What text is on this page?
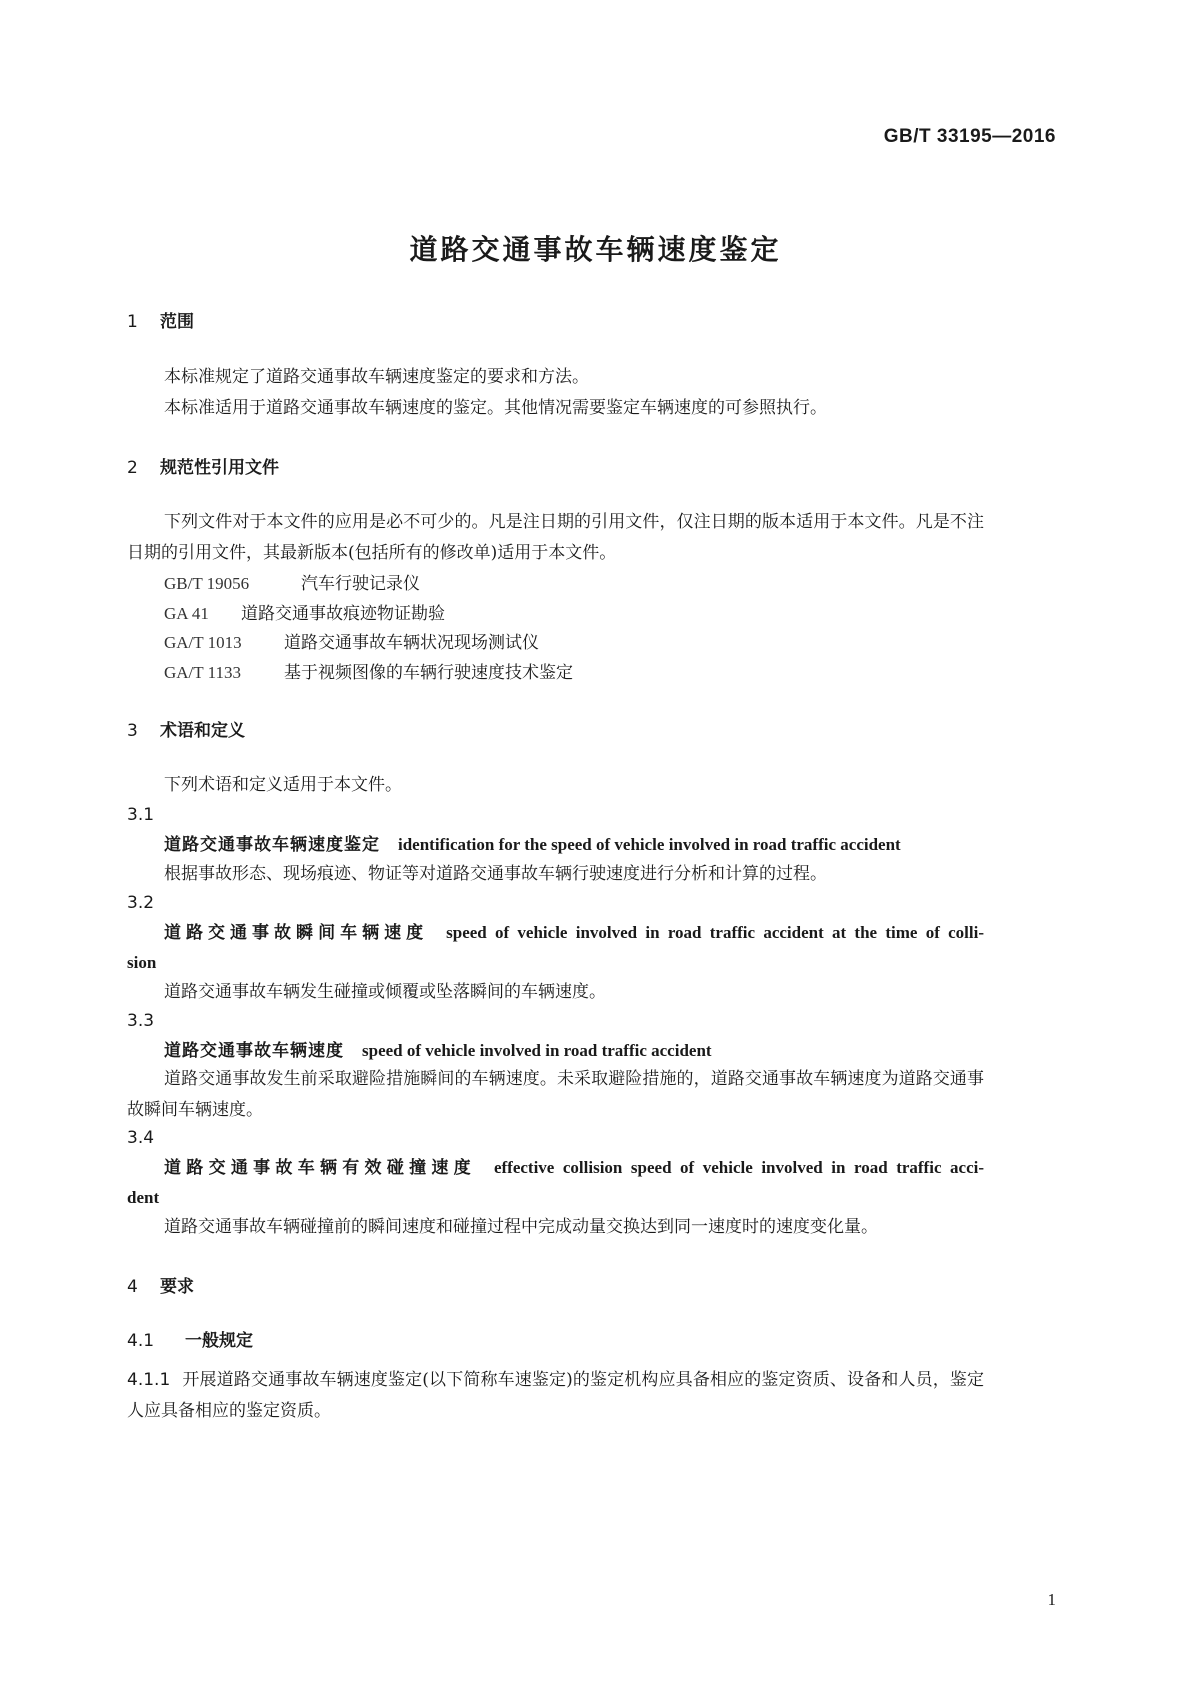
GB/T 33195—2016
道路交通事故车辆速度鉴定
1 范围
本标准规定了道路交通事故车辆速度鉴定的要求和方法。
本标准适用于道路交通事故车辆速度的鉴定。其他情况需要鉴定车辆速度的可参照执行。
2 规范性引用文件
下列文件对于本文件的应用是必不可少的。凡是注日期的引用文件，仅注日期的版本适用于本文件。凡是不注日期的引用文件，其最新版本(包括所有的修改单)适用于本文件。
GB/T 19056	汽车行驶记录仪
GA 41 道路交通事故痕迹物证勘验
GA/T 1013 道路交通事故车辆状况现场测试仪
GA/T 1133	基于视频图像的车辆行驶速度技术鉴定
3 术语和定义
下列术语和定义适用于本文件。
3.1
道路交通事故车辆速度鉴定 identification for the speed of vehicle involved in road traffic accident
根据事故形态、现场痕迹、物证等对道路交通事故车辆行驶速度进行分析和计算的过程。
3.2
道路交通事故瞬间车辆速度 speed of vehicle involved in road traffic accident at the time of colli-
sion
道路交通事故车辆发生碰撞或倾覆或坠落瞬间的车辆速度。
3.3
道路交通事故车辆速度 speed of vehicle involved in road traffic accident
道路交通事故发生前采取避险措施瞬间的车辆速度。未采取避险措施的，道路交通事故车辆速度为道路交通事故瞬间车辆速度。
3.4
道路交通事故车辆有效碰撞速度 effective collision speed of vehicle involved in road traffic acci-
dent
道路交通事故车辆碰撞前的瞬间速度和碰撞过程中完成动量交换达到同一速度时的速度变化量。
4 要求
4.1 一般规定
4.1.1 开展道路交通事故车辆速度鉴定(以下简称车速鉴定)的鉴定机构应具备相应的鉴定资质、设备和人员，鉴定人应具备相应的鉴定资质。
1
